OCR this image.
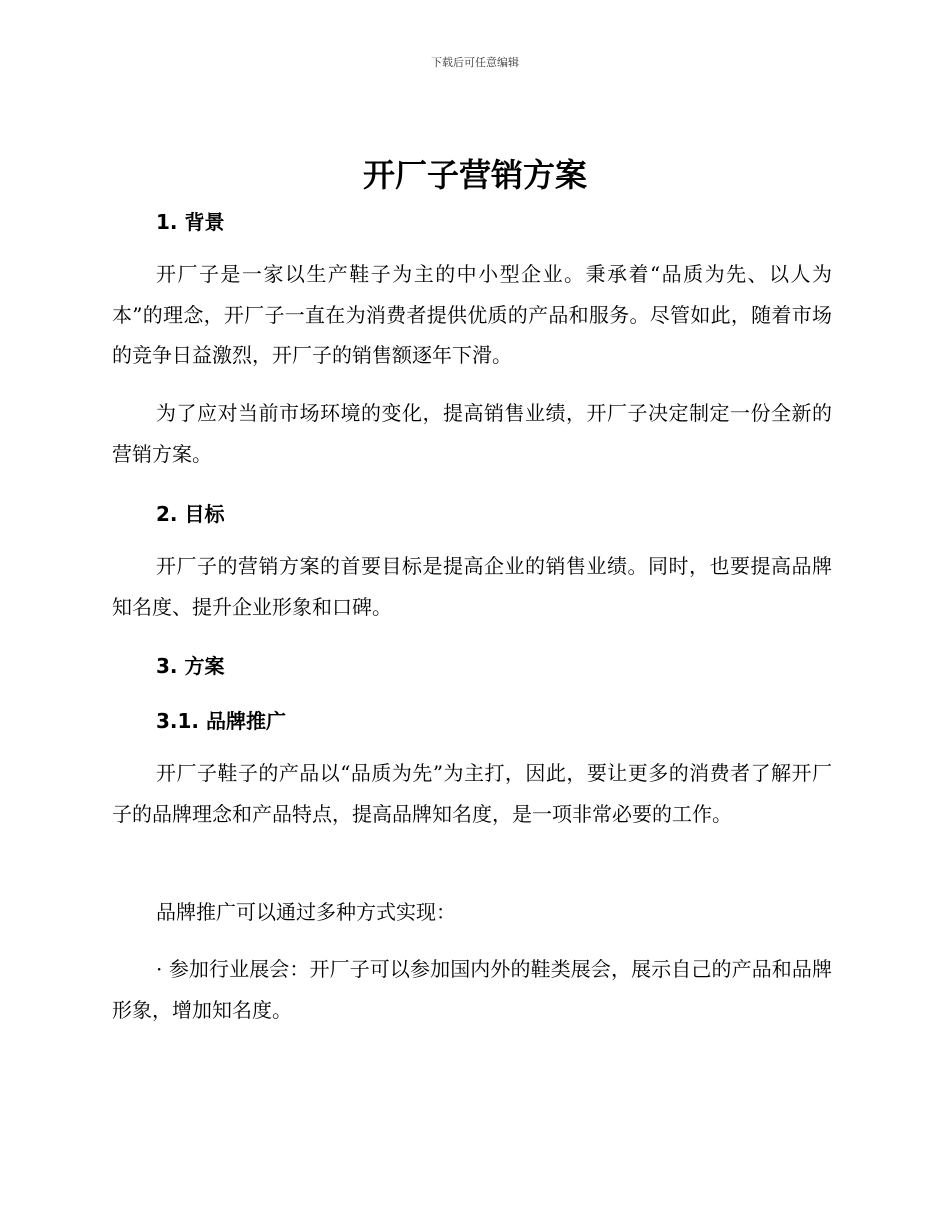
下载后可任意编辑
开厂子营销方案
1. 背景
开厂子是一家以生产鞋子为主的中小型企业。秉承着“品质为先、以人为本”的理念，开厂子一直在为消费者提供优质的产品和服务。尽管如此，随着市场的竞争日益激烈，开厂子的销售额逐年下滑。
为了应对当前市场环境的变化，提高销售业绩，开厂子决定制定一份全新的营销方案。
2. 目标
开厂子的营销方案的首要目标是提高企业的销售业绩。同时，也要提高品牌知名度、提升企业形象和口碑。
3. 方案
3.1. 品牌推广
开厂子鞋子的产品以“品质为先”为主打，因此，要让更多的消费者了解开厂子的品牌理念和产品特点，提高品牌知名度，是一项非常必要的工作。
品牌推广可以通过多种方式实现：
· 参加行业展会：开厂子可以参加国内外的鞋类展会，展示自己的产品和品牌形象，增加知名度。
